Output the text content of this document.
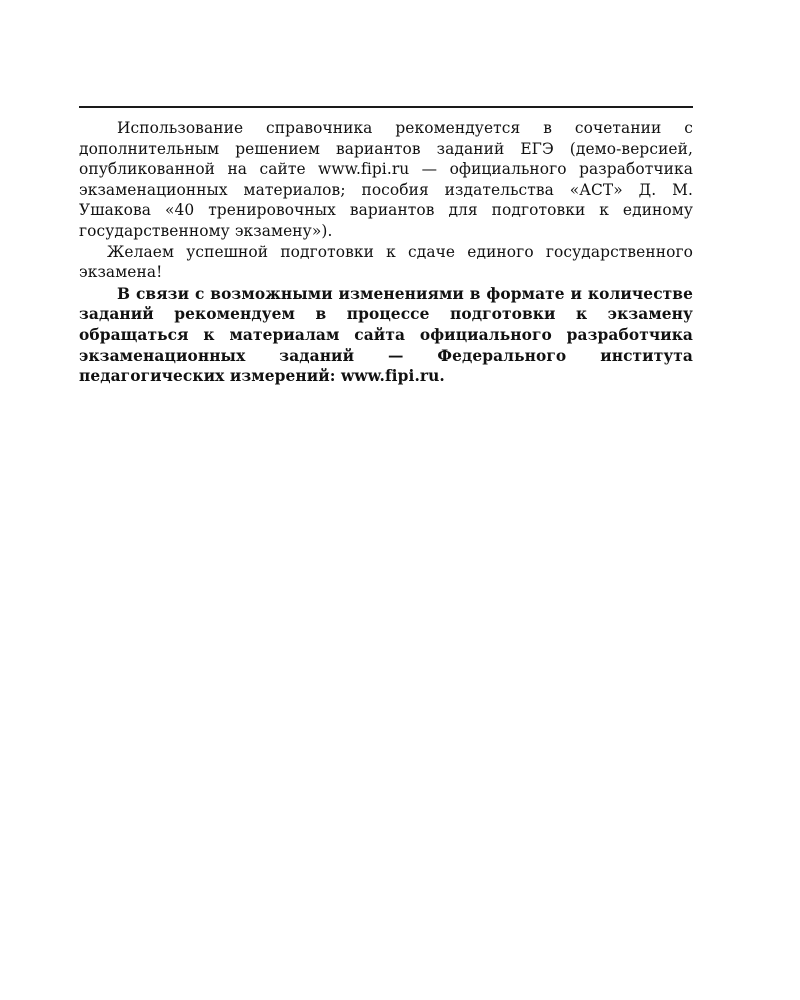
Использование справочника рекомендуется в сочетании с дополнительным решением вариантов заданий ЕГЭ (демо-версией, опубликованной на сайте www.fipi.ru — официального разработчика экзаменационных материалов; пособия издательства «АСТ» Д. М. Ушакова «40 тренировочных вариантов для подготовки к единому государственному экзамену»).

Желаем успешной подготовки к сдаче единого государственного экзамена!

В связи с возможными изменениями в формате и количестве заданий рекомендуем в процессе подготовки к экзамену обращаться к материалам сайта официального разработчика экзаменационных заданий — Федерального института педагогических измерений: www.fipi.ru.
